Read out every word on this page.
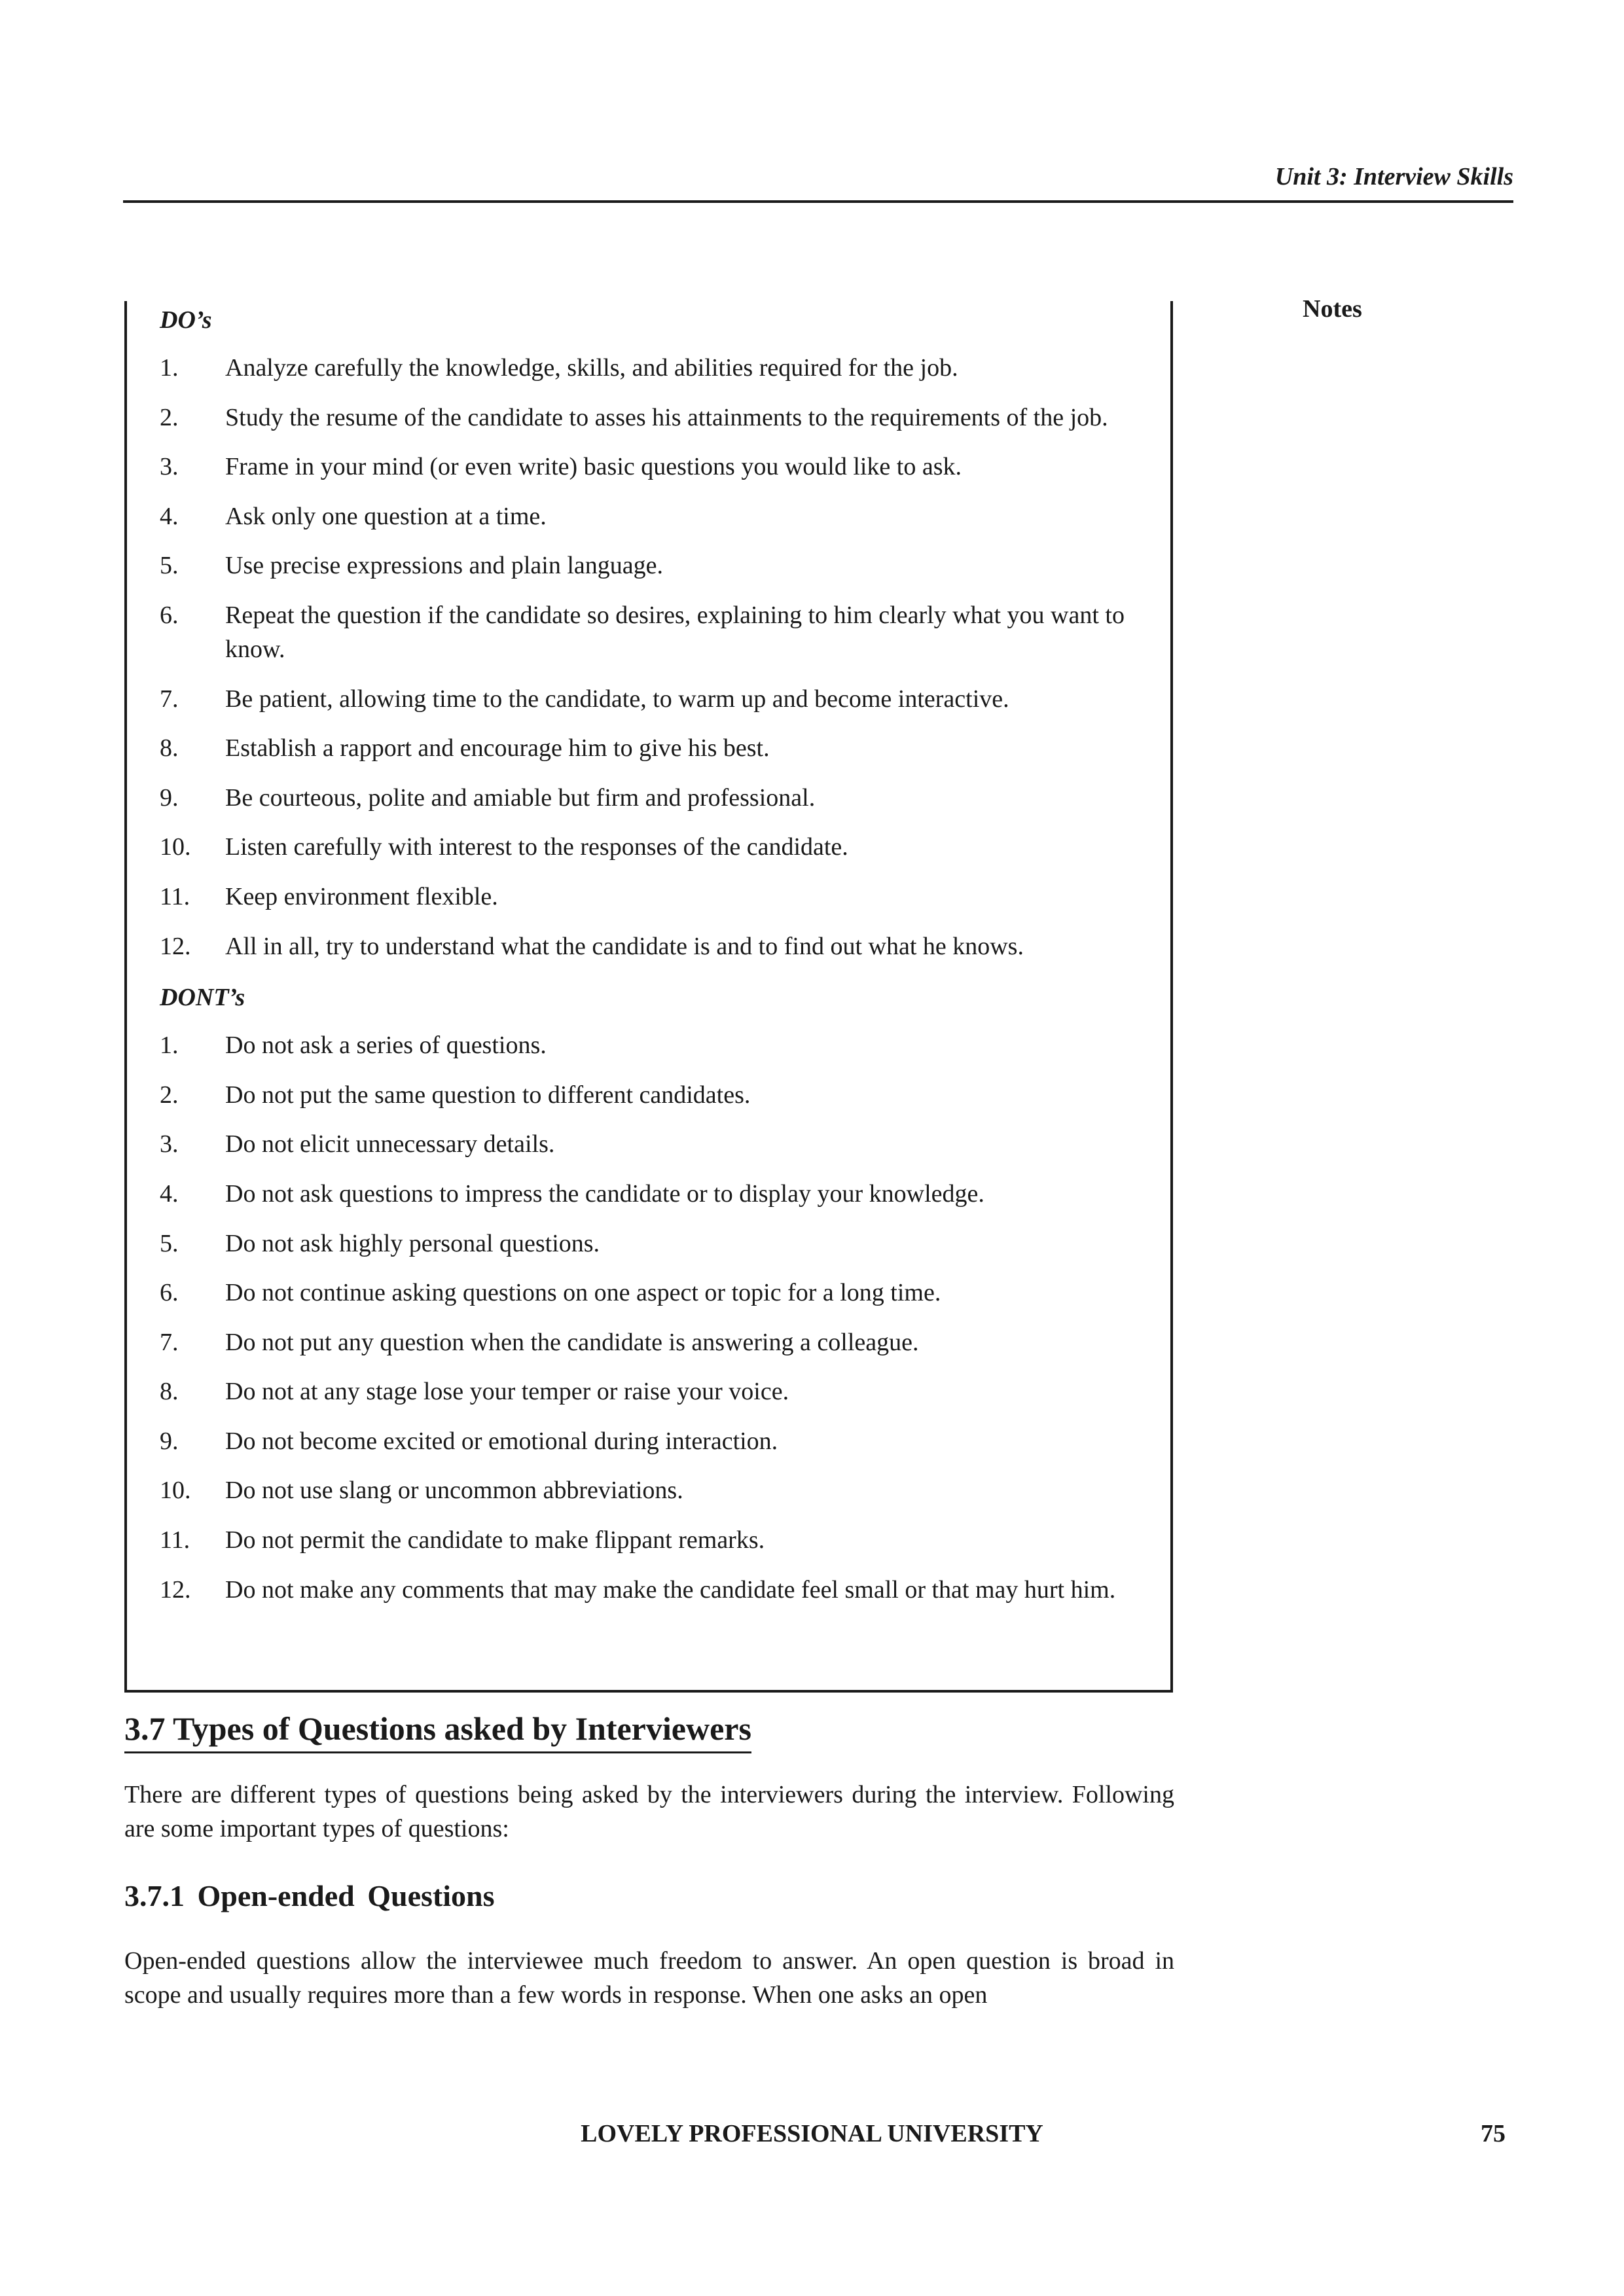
Unit 3: Interview Skills
Notes
DO’s
1. Analyze carefully the knowledge, skills, and abilities required for the job.
2. Study the resume of the candidate to asses his attainments to the requirements of the job.
3. Frame in your mind (or even write) basic questions you would like to ask.
4. Ask only one question at a time.
5. Use precise expressions and plain language.
6. Repeat the question if the candidate so desires, explaining to him clearly what you want to know.
7. Be patient, allowing time to the candidate, to warm up and become interactive.
8. Establish a rapport and encourage him to give his best.
9. Be courteous, polite and amiable but firm and professional.
10. Listen carefully with interest to the responses of the candidate.
11. Keep environment flexible.
12. All in all, try to understand what the candidate is and to find out what he knows.
DONT’s
1. Do not ask a series of questions.
2. Do not put the same question to different candidates.
3. Do not elicit unnecessary details.
4. Do not ask questions to impress the candidate or to display your knowledge.
5. Do not ask highly personal questions.
6. Do not continue asking questions on one aspect or topic for a long time.
7. Do not put any question when the candidate is answering a colleague.
8. Do not at any stage lose your temper or raise your voice.
9. Do not become excited or emotional during interaction.
10. Do not use slang or uncommon abbreviations.
11. Do not permit the candidate to make flippant remarks.
12. Do not make any comments that may make the candidate feel small or that may hurt him.
3.7 Types of Questions asked by Interviewers
There are different types of questions being asked by the interviewers during the interview. Following are some important types of questions:
3.7.1 Open-ended Questions
Open-ended questions allow the interviewee much freedom to answer. An open question is broad in scope and usually requires more than a few words in response. When one asks an open
LOVELY PROFESSIONAL UNIVERSITY	75
